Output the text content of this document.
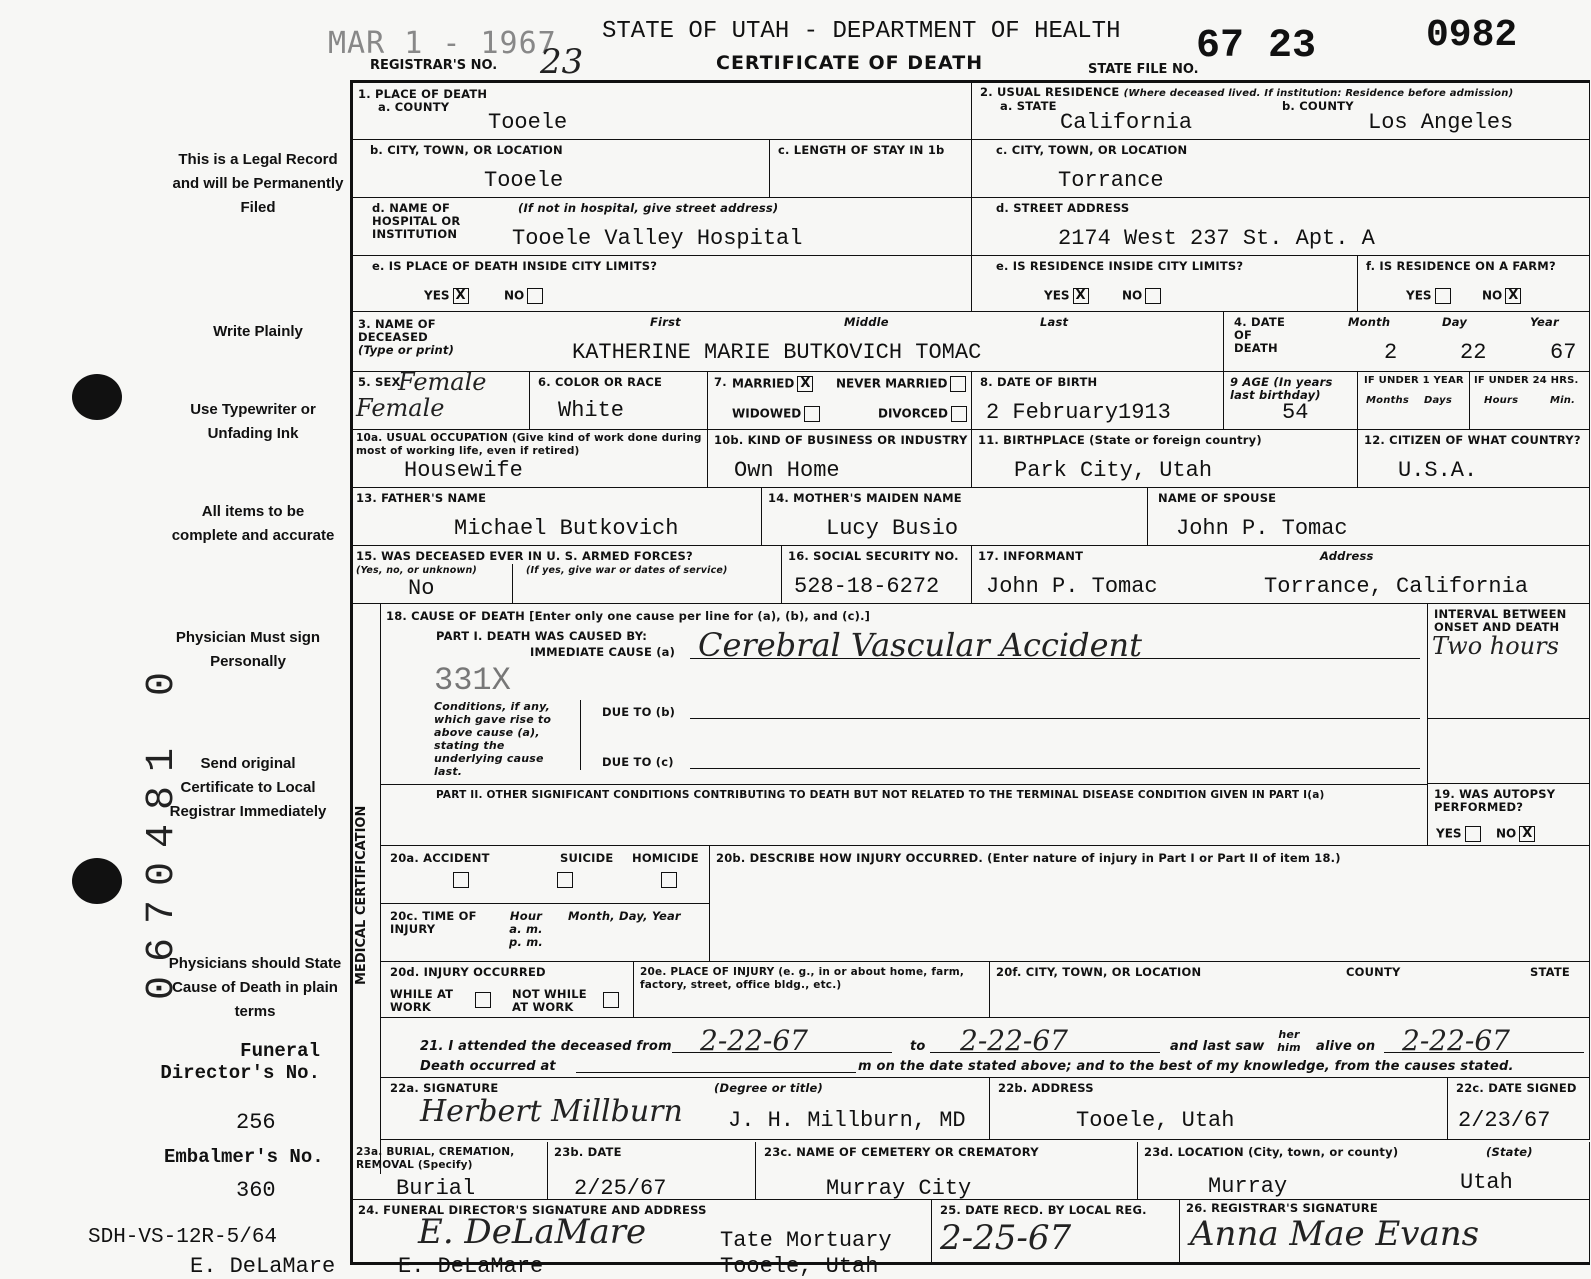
MAR 1 - 1967 STATE OF UTAH - DEPARTMENT OF HEALTH
REGISTRAR'S NO. 23	CERTIFICATE OF DEATH	STATE FILE NO.
67 23	0982
This is a Legal Record and will be Permanently Filed
Write Plainly
Use Typewriter or Unfading Ink
All items to be complete and accurate
Physician Must sign Personally
Send original Certificate to Local Registrar Immediately
Physicians should State Cause of Death in plain terms
0670481 0
Funeral Director's No.
256
Embalmer's No.
360
SDH-VS-12R-5/64
E. DeLaMare	E. DeLaMare
1. PLACE OF DEATH
a. COUNTY
Tooele
2. USUAL RESIDENCE (Where deceased lived. If institution: Residence before admission)
a. STATE	b. COUNTY
California	Los Angeles
b. CITY, TOWN, OR LOCATION
Tooele
c. LENGTH OF STAY IN 1b	c. CITY, TOWN, OR LOCATION
Torrance
d. NAME OF HOSPITAL OR INSTITUTION
(If not in hospital, give street address)
Tooele Valley Hospital
d. STREET ADDRESS
2174 West 237 St. Apt. A
e. IS PLACE OF DEATH INSIDE CITY LIMITS?
YES X	NO
e. IS RESIDENCE INSIDE CITY LIMITS?
YES X	NO
f. IS RESIDENCE ON A FARM?
YES	NO X
3. NAME OF DECEASED
(Type or print)
First	Middle	Last
KATHERINE MARIE BUTKOVICH TOMAC
4. DATE OF DEATH
Month	Day	Year
2	22	67
5. SEX
Female
Female
6. COLOR OR RACE
White
7. MARRIED X NEVER MARRIED
WIDOWED	DIVORCED
8. DATE OF BIRTH
2 February1913
9 AGE (In years last birthday)
54
IF UNDER 1 YEAR
Months Days
IF UNDER 24 HRS.
Hours	Min.
10a. USUAL OCCUPATION (Give kind of work done during most of working life, even if retired)
Housewife
10b. KIND OF BUSINESS OR INDUSTRY
Own Home
11. BIRTHPLACE (State or foreign country)
Park City, Utah
12. CITIZEN OF WHAT COUNTRY?
U.S.A.
13. FATHER'S NAME
Michael Butkovich
14. MOTHER'S MAIDEN NAME
Lucy Busio
NAME OF SPOUSE
John P. Tomac
15. WAS DECEASED EVER IN U. S. ARMED FORCES?
(Yes, no, or unknown)	(If yes, give war or dates of service)
No
16. SOCIAL SECURITY NO.
528-18-6272
17. INFORMANT	Address
John P. Tomac	Torrance, California
MEDICAL CERTIFICATION
18. CAUSE OF DEATH [Enter only one cause per line for (a), (b), and (c).]
PART I. DEATH WAS CAUSED BY:
IMMEDIATE CAUSE (a) Cerebral Vascular Accident
331X
Conditions, if any, which gave rise to above cause (a), stating the underlying cause last.
DUE TO (b)
DUE TO (c)
INTERVAL BETWEEN ONSET AND DEATH
Two hours
PART II. OTHER SIGNIFICANT CONDITIONS CONTRIBUTING TO DEATH BUT NOT RELATED TO THE TERMINAL DISEASE CONDITION GIVEN IN PART I(a)	19. WAS AUTOPSY PERFORMED?
YES	NO X
20a. ACCIDENT	SUICIDE HOMICIDE 20b. DESCRIBE HOW INJURY OCCURRED. (Enter nature of injury in Part I or Part II of item 18.)
20c. TIME OF INJURY
Hour a. m. p. m.
Month, Day, Year
20d. INJURY OCCURRED
WHILE AT WORK
NOT WHILE AT WORK
20e. PLACE OF INJURY (e. g., in or about home, farm, factory, street, office bldg., etc.)
20f. CITY, TOWN, OR LOCATION	COUNTY	STATE
21. I attended the deceased from 2-22-67	to 2-22-67	and last saw
her him alive on 2-22-67
Death occurred at	m on the date stated above; and to the best of my knowledge, from the causes stated.
22a. SIGNATURE	(Degree or title)
Herbert Millburn J. H. Millburn, MD
22b. ADDRESS
Tooele, Utah
22c. DATE SIGNED
2/23/67
23a. BURIAL, CREMATION, REMOVAL (Specify)
Burial
23b. DATE
2/25/67
23c. NAME OF CEMETERY OR CREMATORY
Murray City
23d. LOCATION (City, town, or county)	(State)
Murray	Utah
24. FUNERAL DIRECTOR'S SIGNATURE AND ADDRESS
E. DeLaMare	Tate Mortuary
Tooele, Utah
25. DATE RECD. BY LOCAL REG.
2-25-67
26. REGISTRAR'S SIGNATURE
Anna Mae Evans
